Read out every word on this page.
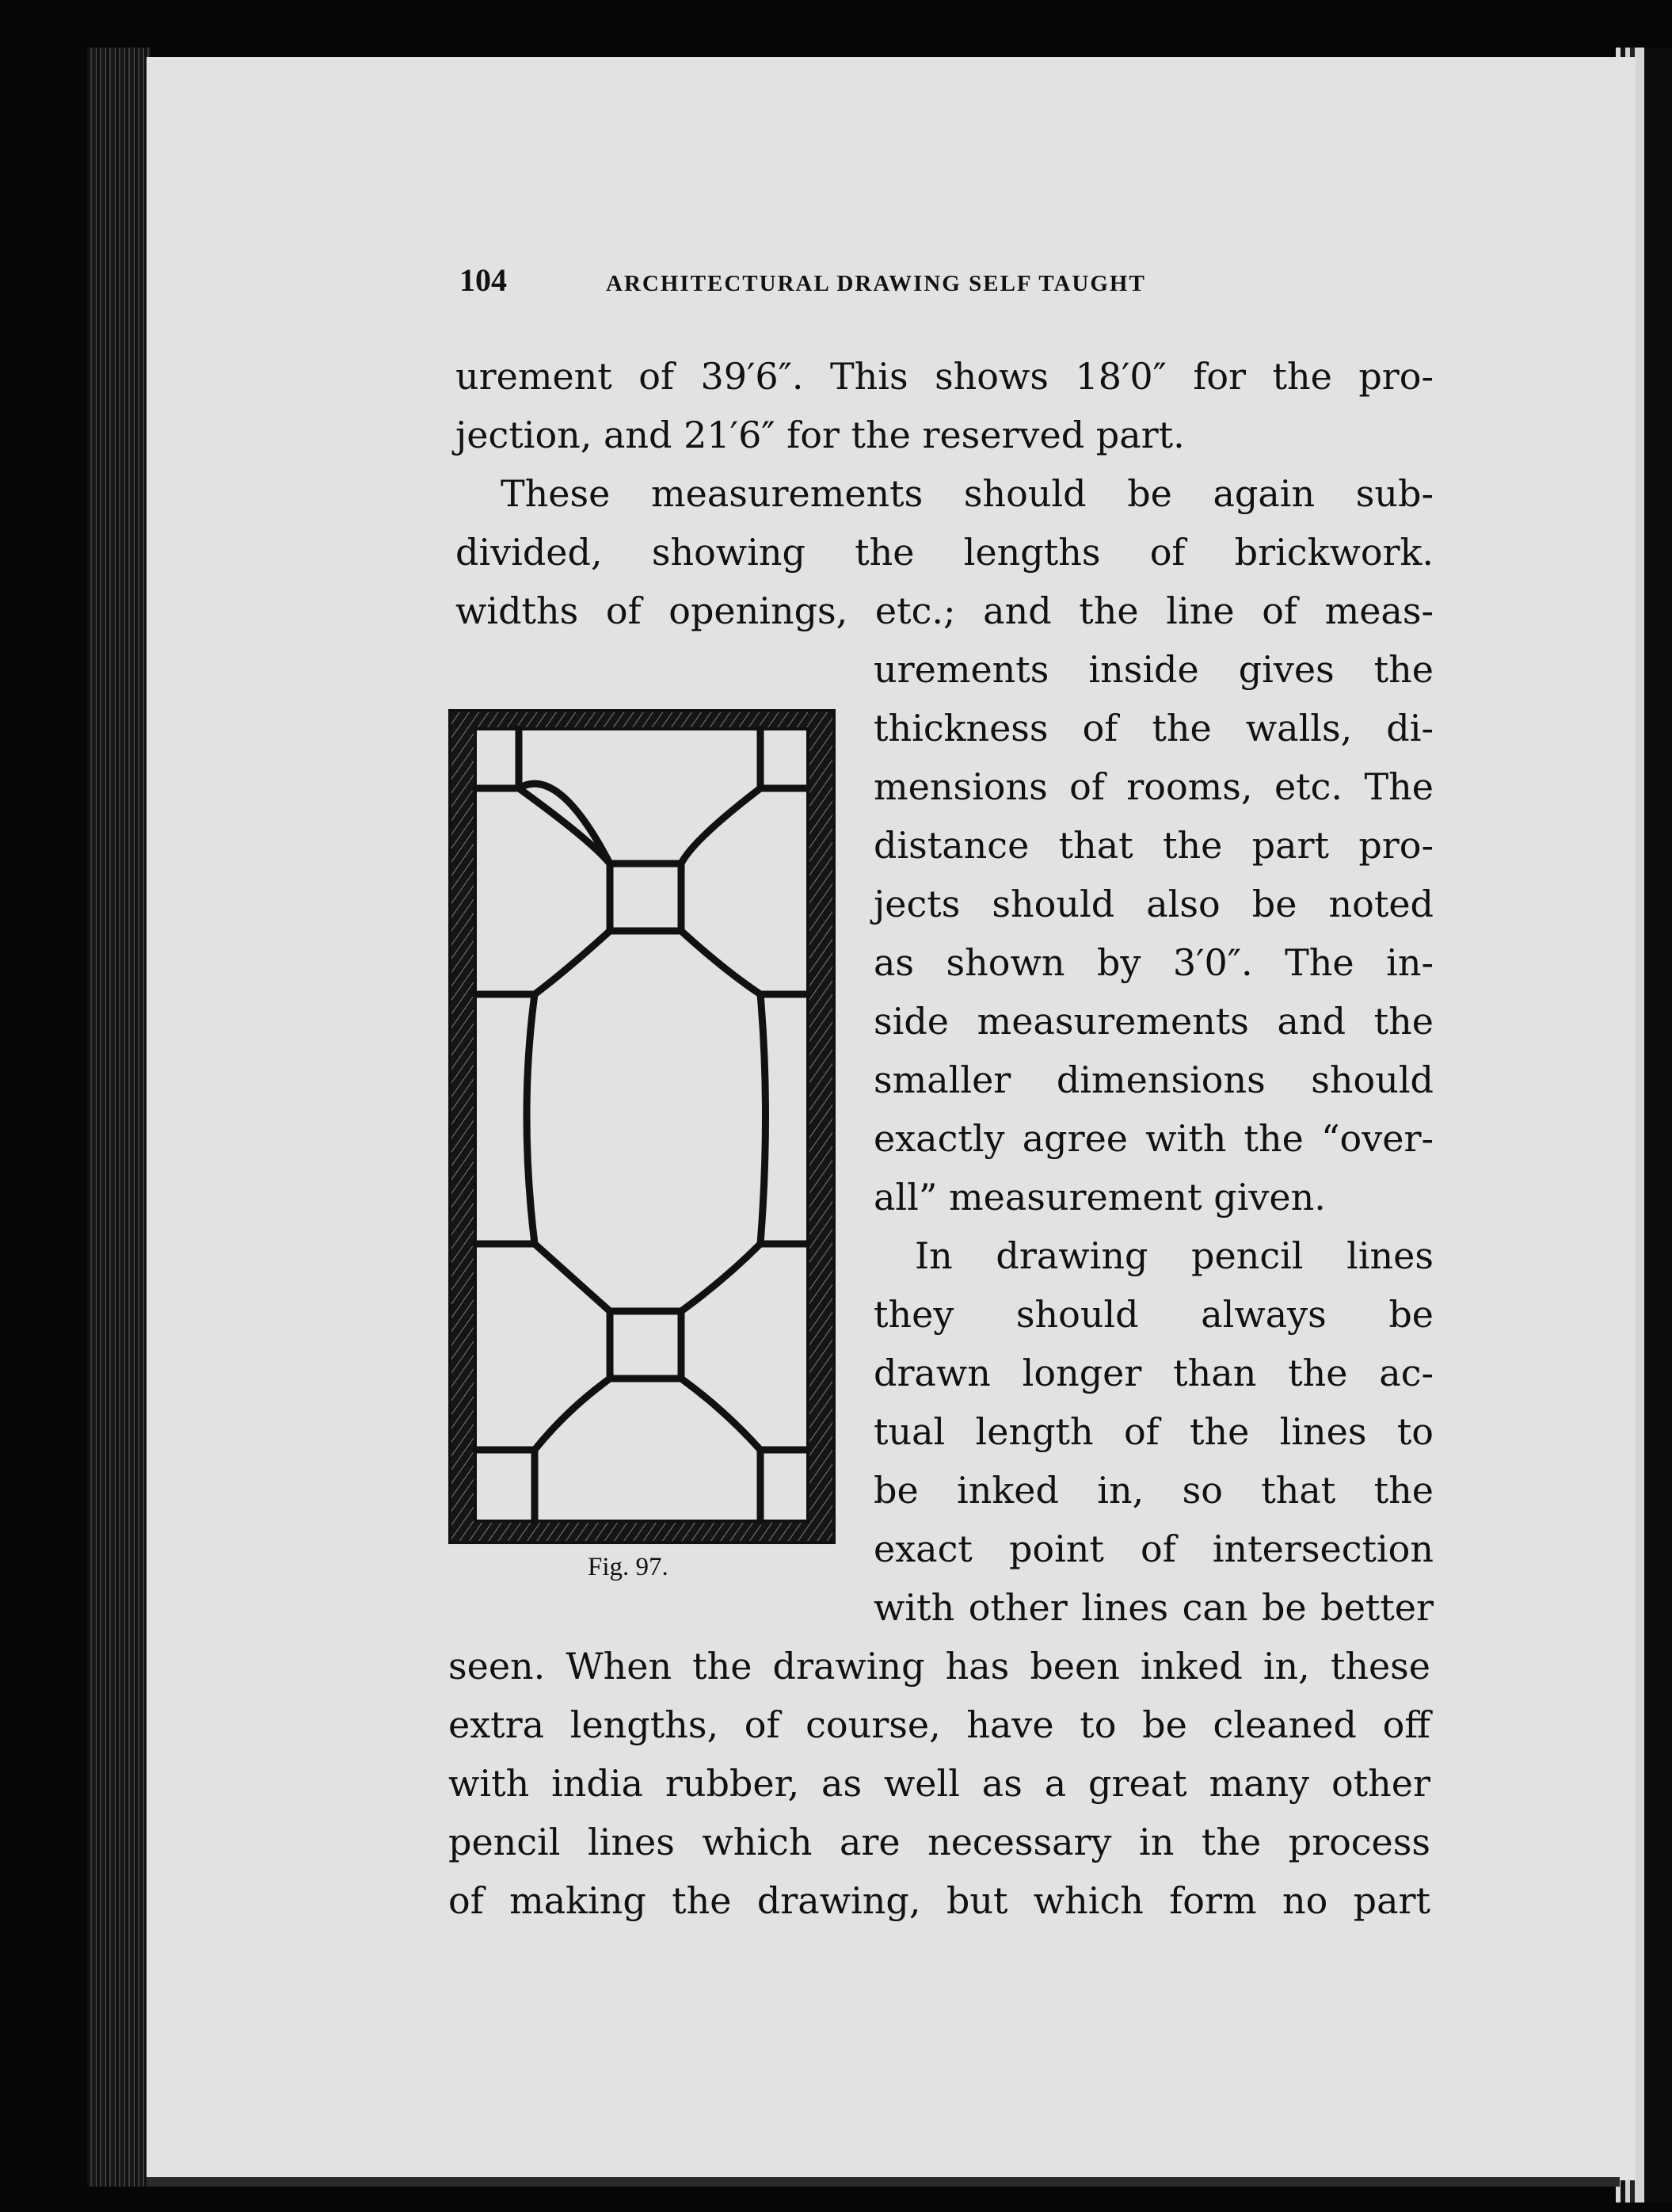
104	ARCHITECTURAL DRAWING SELF TAUGHT
urement of 39′6″. This shows 18′0″ for the pro-
jection, and 21′6″ for the reserved part.
These measurements should be again sub-
divided, showing the lengths of brickwork.
widths of openings, etc.; and the line of meas-
urements inside gives the
thickness of the walls, di-
mensions of rooms, etc. The
distance that the part pro-
jects should also be noted
as shown by 3′0″. The in-
side measurements and the
smaller dimensions should
exactly agree with the “over-
all” measurement given.
In drawing pencil lines
they should always be
drawn longer than the ac-
tual length of the lines to
be inked in, so that the
exact point of intersection
with other lines can be better
seen. When the drawing has been inked in, these
extra lengths, of course, have to be cleaned off
with india rubber, as well as a great many other
pencil lines which are necessary in the process
of making the drawing, but which form no part
Fig. 97.
